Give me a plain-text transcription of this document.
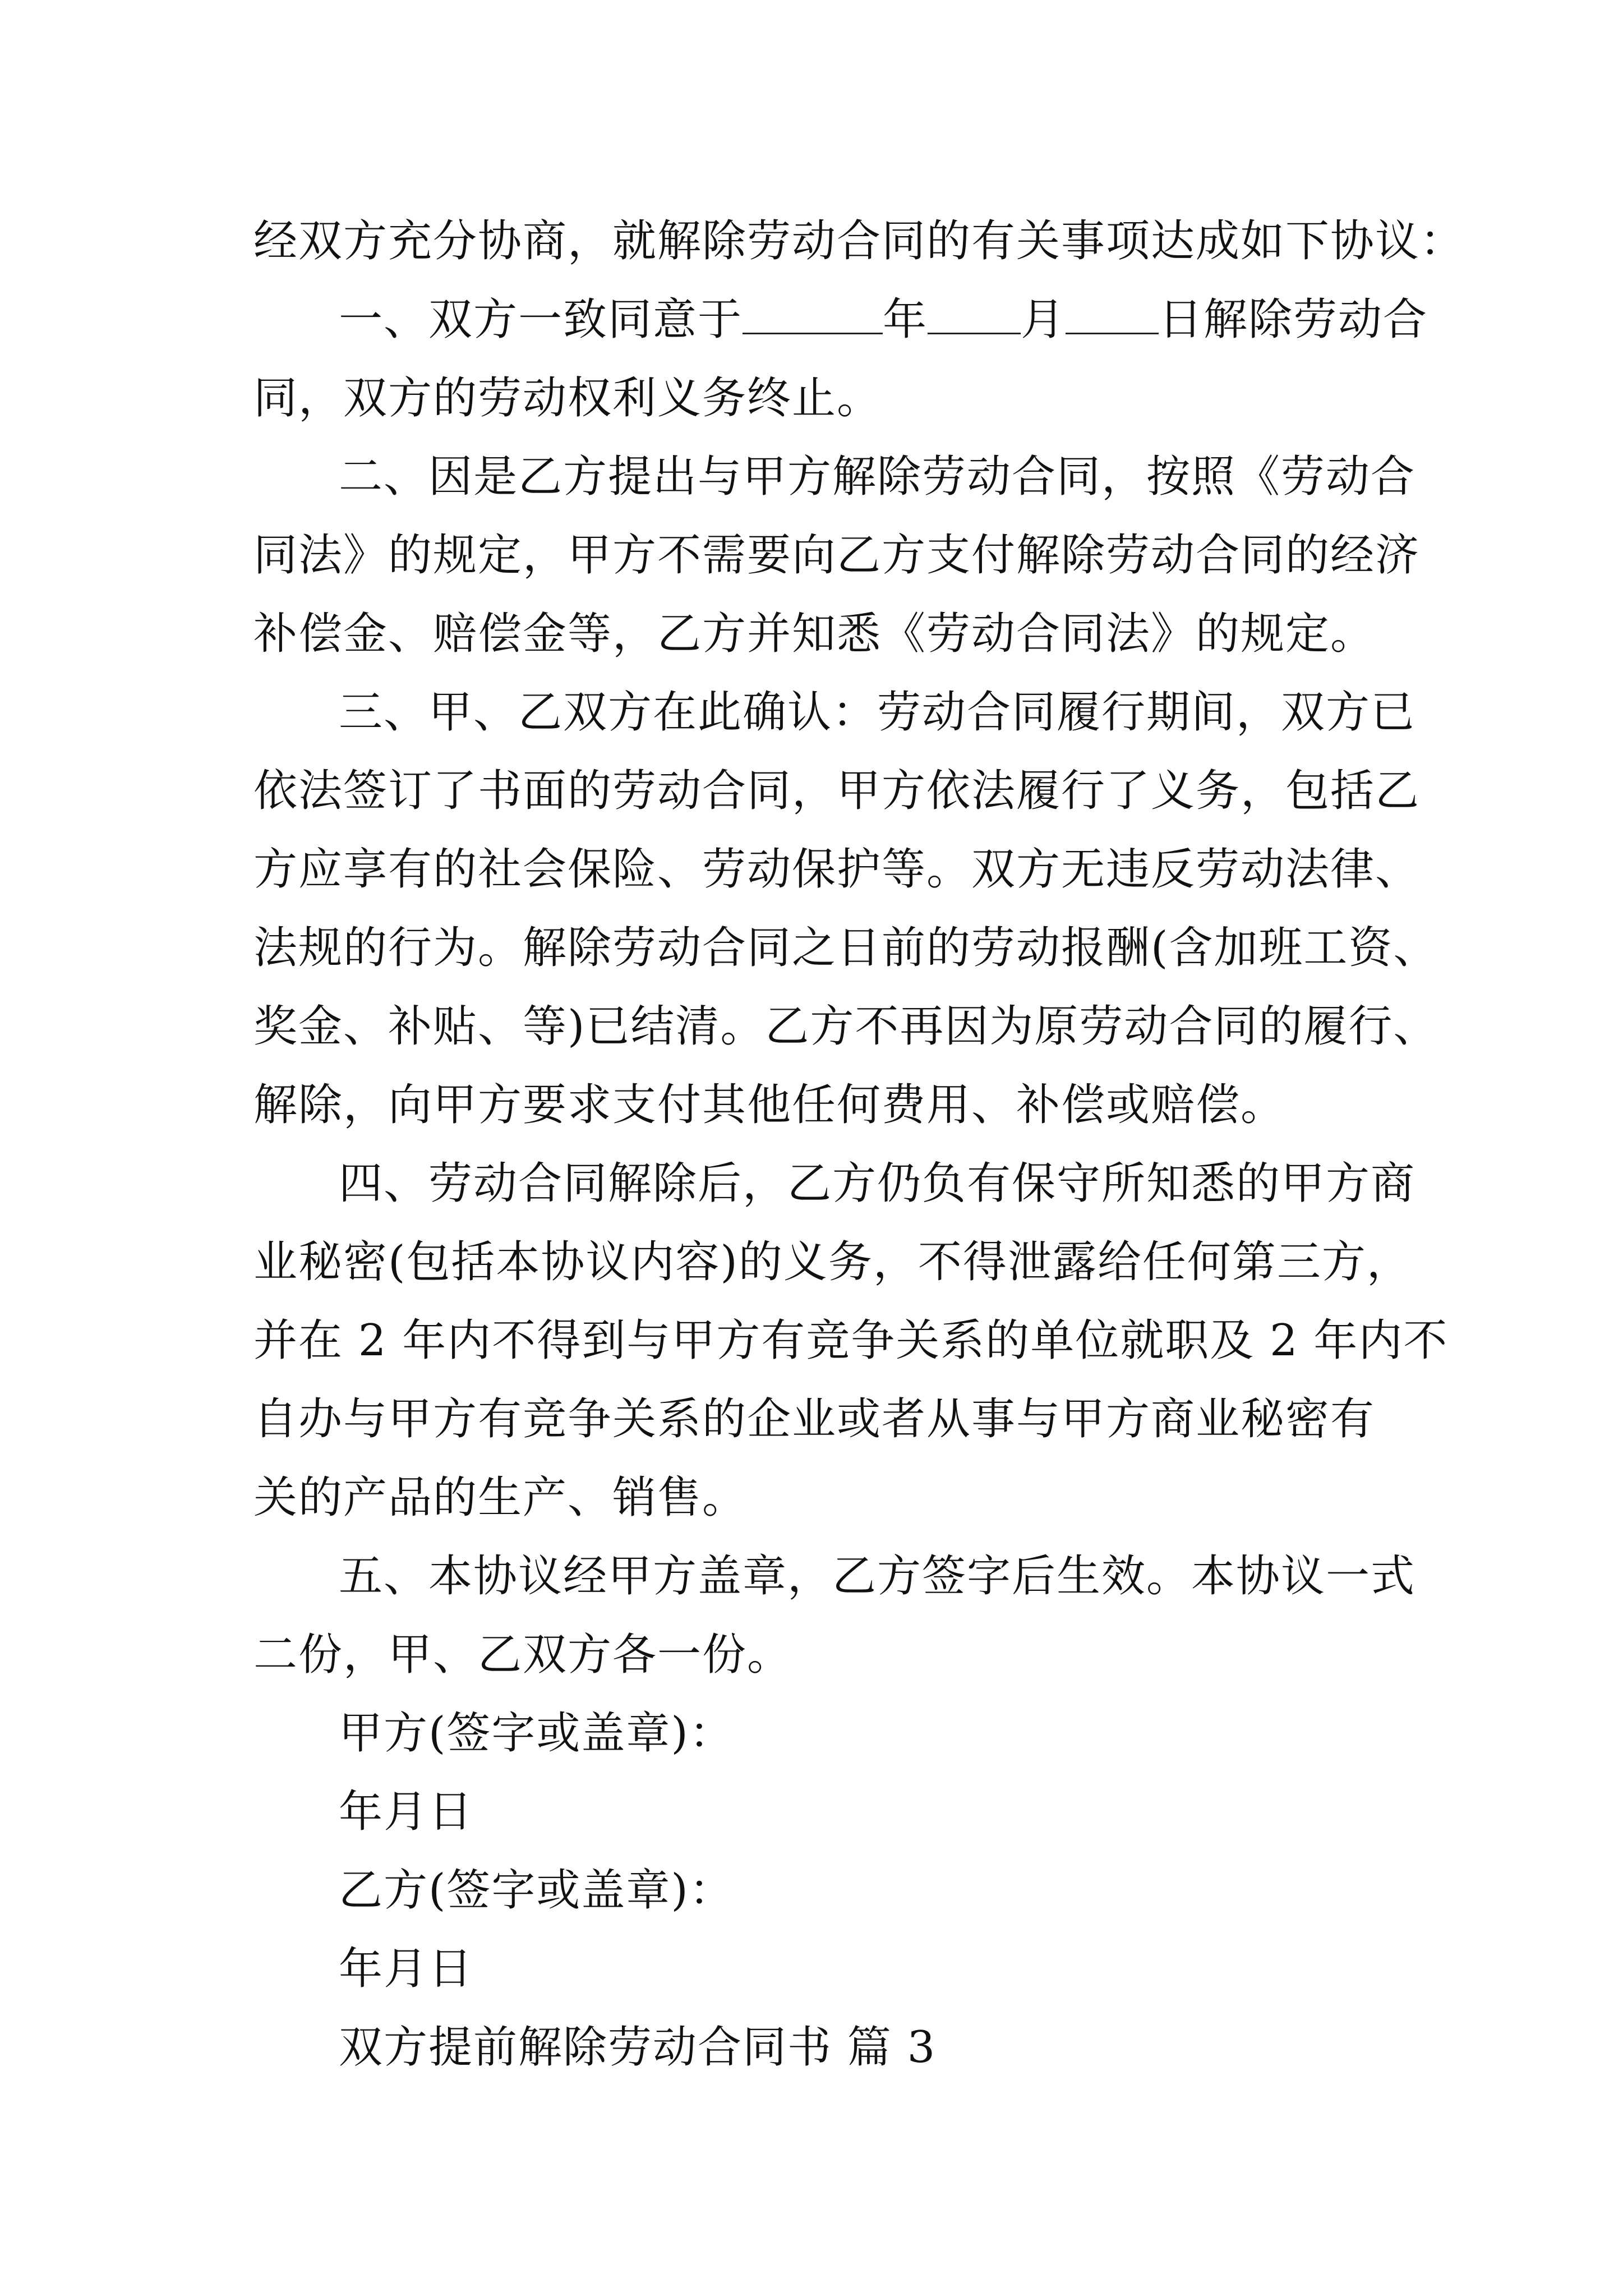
经双方充分协商，就解除劳动合同的有关事项达成如下协议：

一、双方一致同意于	年 月 日解除劳动合

同，双方的劳动权利义务终止。

二、因是乙方提出与甲方解除劳动合同，按照《劳动合

同法》的规定，甲方不需要向乙方支付解除劳动合同的经济

补偿金、赔偿金等，乙方并知悉《劳动合同法》的规定。

三、甲、乙双方在此确认：劳动合同履行期间，双方已

依法签订了书面的劳动合同，甲方依法履行了义务，包括乙

方应享有的社会保险、劳动保护等。双方无违反劳动法律、

法规的行为。解除劳动合同之日前的劳动报酬(含加班工资、

奖金、补贴、等)已结清。乙方不再因为原劳动合同的履行、

解除，向甲方要求支付其他任何费用、补偿或赔偿。

四、劳动合同解除后，乙方仍负有保守所知悉的甲方商

业秘密(包括本协议内容)的义务，不得泄露给任何第三方，

并在 2 年内不得到与甲方有竞争关系的单位就职及 2 年内不

自办与甲方有竞争关系的企业或者从事与甲方商业秘密有

关的产品的生产、销售。

五、本协议经甲方盖章，乙方签字后生效。本协议一式

二份，甲、乙双方各一份。

甲方(签字或盖章)：

年月日

乙方(签字或盖章)：

年月日

双方提前解除劳动合同书 篇 3
